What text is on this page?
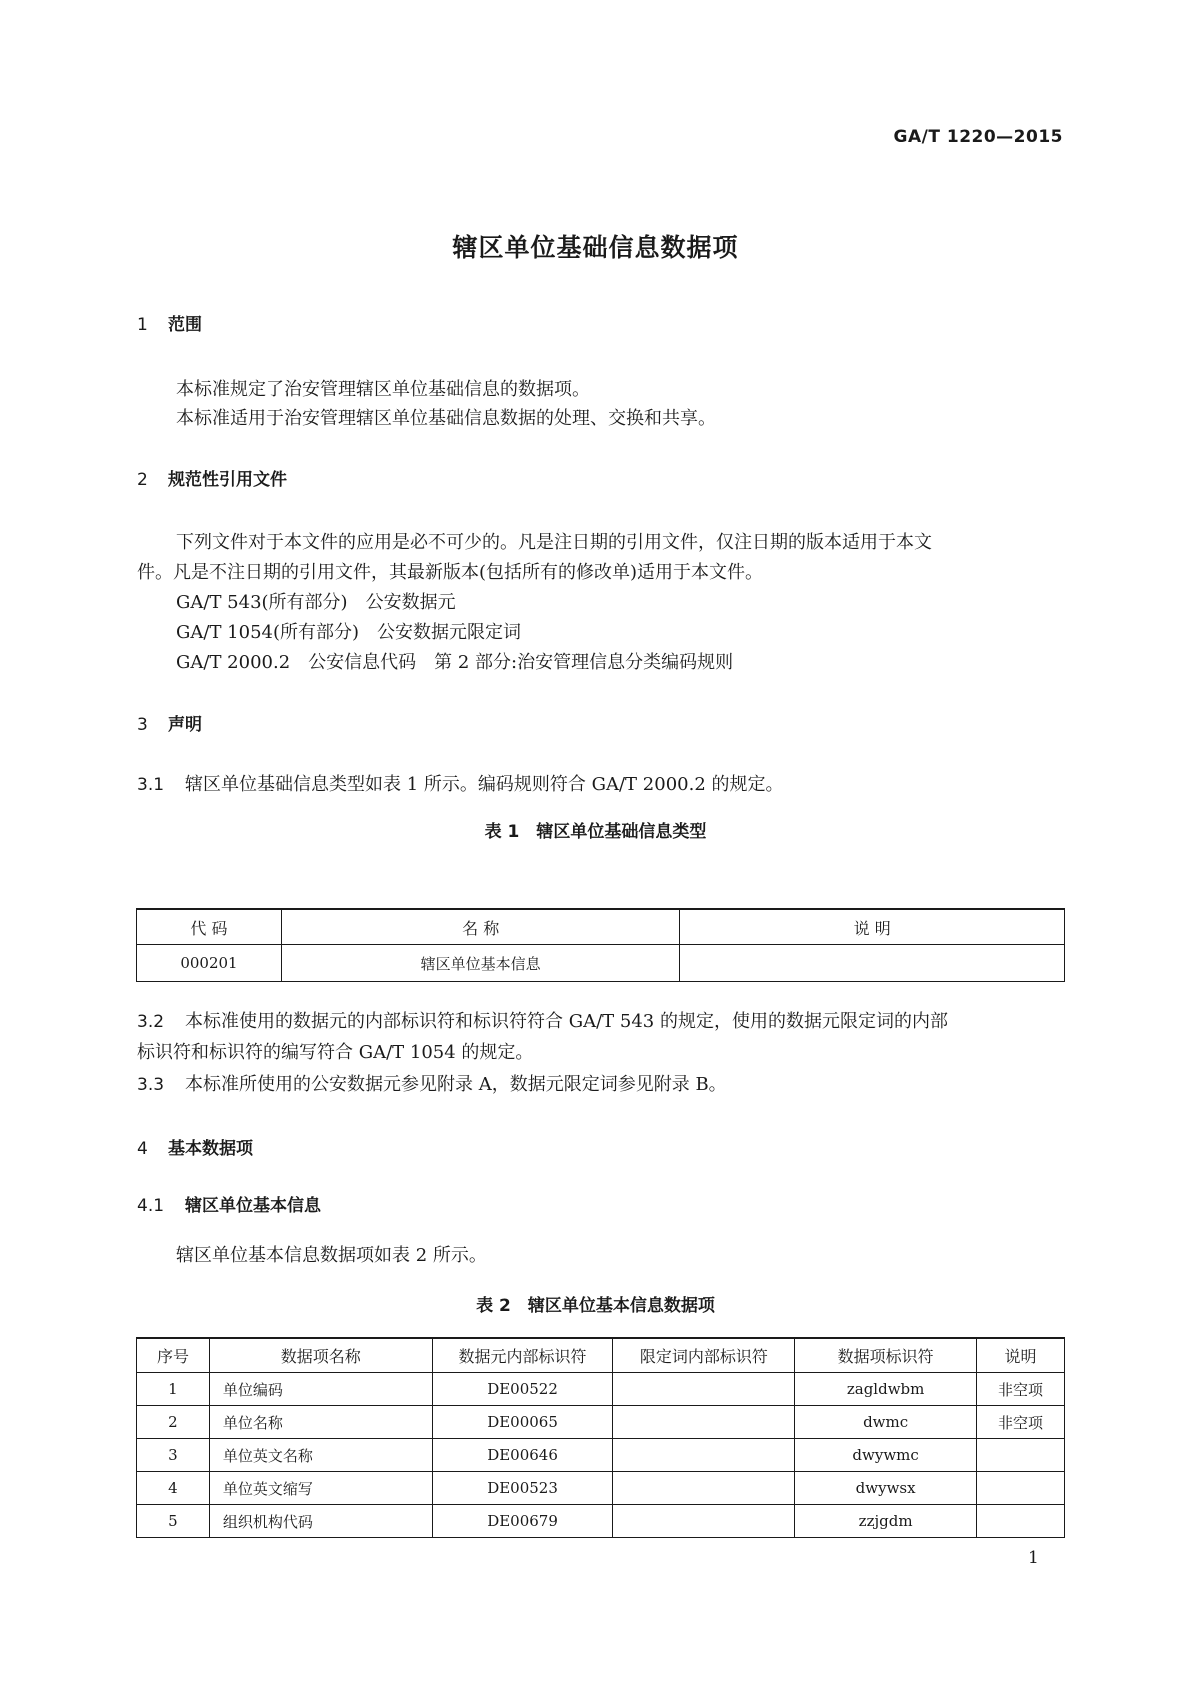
GA/T 1220—2015
辖区单位基础信息数据项
1 范围
本标准规定了治安管理辖区单位基础信息的数据项。
本标准适用于治安管理辖区单位基础信息数据的处理、交换和共享。
2 规范性引用文件
下列文件对于本文件的应用是必不可少的。凡是注日期的引用文件，仅注日期的版本适用于本文
件。凡是不注日期的引用文件，其最新版本(包括所有的修改单)适用于本文件。
GA/T 543(所有部分)　公安数据元
GA/T 1054(所有部分)　公安数据元限定词
GA/T 2000.2　公安信息代码　第 2 部分:治安管理信息分类编码规则
3 声明
3.1 辖区单位基础信息类型如表 1 所示。编码规则符合 GA/T 2000.2 的规定。
表 1　辖区单位基础信息类型
代 码	名 称	说 明
000201	辖区单位基本信息	
3.2 本标准使用的数据元的内部标识符和标识符符合 GA/T 543 的规定，使用的数据元限定词的内部
标识符和标识符的编写符合 GA/T 1054 的规定。
3.3 本标准所使用的公安数据元参见附录 A，数据元限定词参见附录 B。
4 基本数据项
4.1 辖区单位基本信息
辖区单位基本信息数据项如表 2 所示。
表 2　辖区单位基本信息数据项
序号	数据项名称	数据元内部标识符	限定词内部标识符	数据项标识符	说明
1	单位编码	DE00522		zagldwbm	非空项
2	单位名称	DE00065		dwmc	非空项
3	单位英文名称	DE00646		dwywmc	
4	单位英文缩写	DE00523		dwywsx	
5	组织机构代码	DE00679		zzjgdm	
1
